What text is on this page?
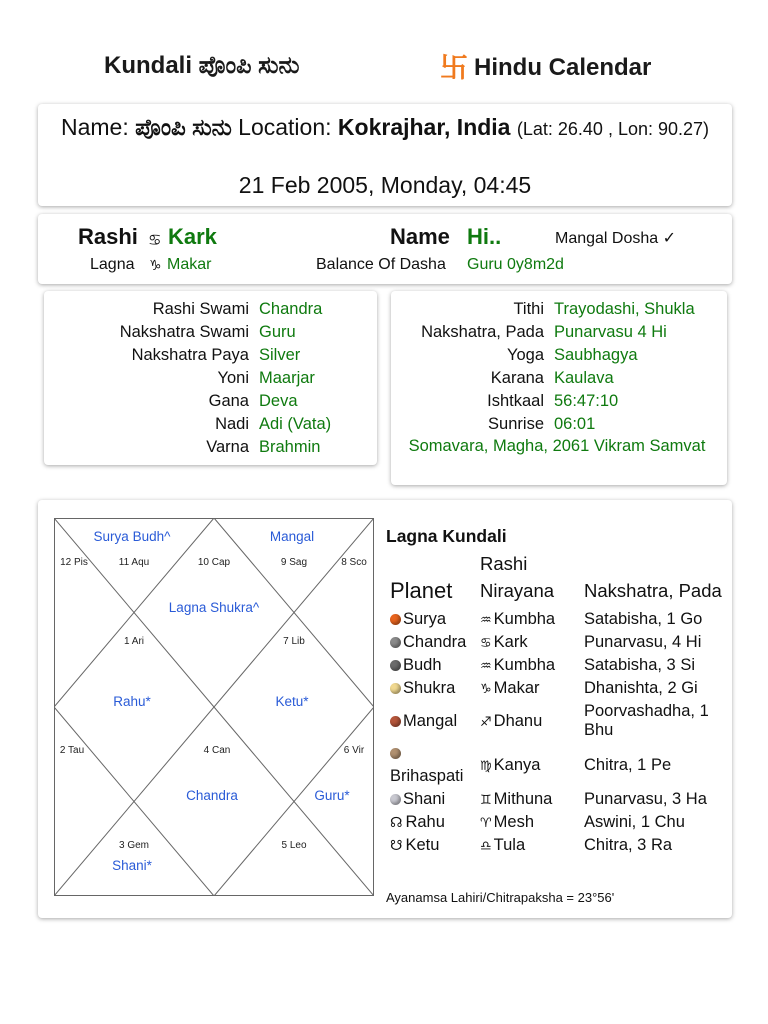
Kundali ಪೊಂಪಿ ಸುನು	卐 Hindu Calendar
Name: ಪೊಂಪಿ ಸುನು Location: Kokrajhar, India (Lat: 26.40 , Lon: 90.27)
21 Feb 2005, Monday, 04:45
Rashi ♋ Kark	Name Hi..	Mangal Dosha ✓
Lagna ♑ Makar	Balance Of Dasha Guru 0y8m2d
Rashi Swami	Chandra
Nakshatra Swami	Guru
Nakshatra Paya	Silver
Yoni	Maarjar
Gana	Deva
Nadi	Adi (Vata)
Varna	Brahmin
Tithi	Trayodashi, Shukla
Nakshatra, Pada	Punarvasu 4 Hi
Yoga	Saubhagya
Karana	Kaulava
Ishtkaal	56:47:10
Sunrise	06:01
Somavara, Magha, 2061 Vikram Samvat
1 Ari
Lagna Shukra^
2 Tau
Rahu*
3 Gem
Shani*
4 Can
Chandra
5 Leo
6 Vir
Guru*
7 Lib
Ketu*
8 Sco
9 Sag
10 Cap
Mangal
11 Aqu
12 Pis
Surya Budh^	Lagna Kundali
Planet	Rashi Nirayana	Nakshatra, Pada
Surya	♒ Kumbha	Satabisha, 1 Go
Chandra	♋ Kark	Punarvasu, 4 Hi
Budh	♒ Kumbha	Satabisha, 3 Si
Shukra	♑ Makar	Dhanishta, 2 Gi
Mangal	♐ Dhanu	Poorvashadha, 1 Bhu

Brihaspati	♍ Kanya	Chitra, 1 Pe
Shani	♊ Mithuna	Punarvasu, 3 Ha
☊ Rahu	♈ Mesh	Aswini, 1 Chu
☋ Ketu	♎ Tula	Chitra, 3 Ra
Ayanamsa Lahiri/Chitrapaksha = 23°56'
